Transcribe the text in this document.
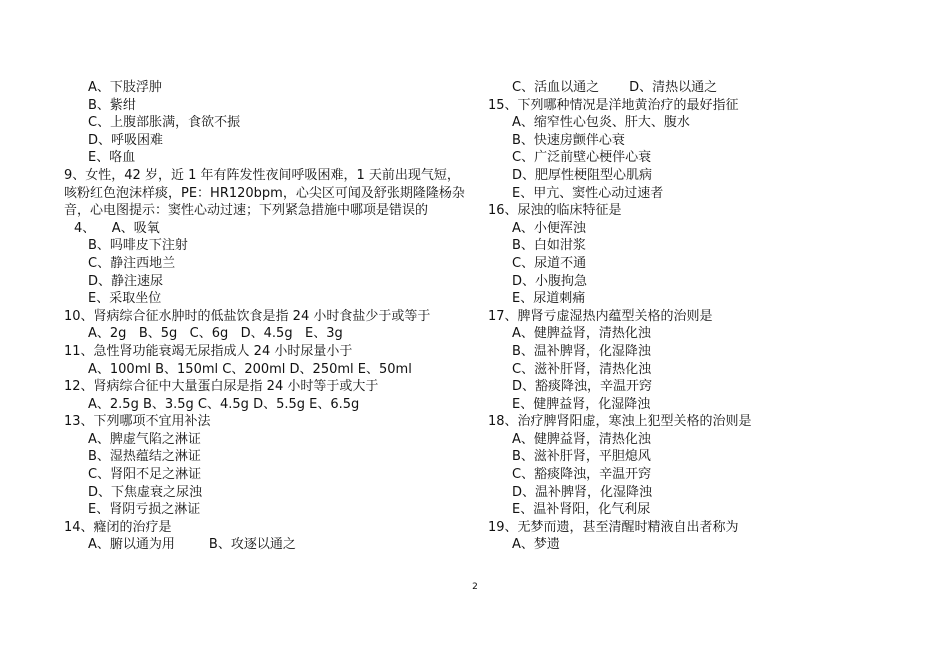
A、下肢浮肿
B、紫绀
C、上腹部胀满，食欲不振
D、呼吸困难
E、咯血
9、女性，42 岁，近 1 年有阵发性夜间呼吸困难，1 天前出现气短，
咳粉红色泡沫样痰，PE：HR120bpm，心尖区可闻及舒张期隆隆杨杂
音，心电图提示：窦性心动过速；下列紧急措施中哪项是错误的
4、    A、吸氧
B、吗啡皮下注射
C、静注西地兰
D、静注速尿
E、采取坐位
10、肾病综合征水肿时的低盐饮食是指 24 小时食盐少于或等于
A、2g   B、5g   C、6g   D、4.5g   E、3g
11、急性肾功能衰竭无尿指成人 24 小时尿量小于
A、100ml B、150ml C、200ml D、250ml E、50ml
12、肾病综合征中大量蛋白尿是指 24 小时等于或大于
A、2.5g B、3.5g C、4.5g D、5.5g E、6.5g
13、下列哪项不宜用补法
A、脾虚气陷之淋证
B、湿热蕴结之淋证
C、肾阳不足之淋证
D、下焦虚衰之尿浊
E、肾阴亏损之淋证
14、癃闭的治疗是
A、腑以通为用	B、攻逐以通之
C、活血以通之 D、清热以通之
15、下列哪种情况是洋地黄治疗的最好指征
A、缩窄性心包炎、肝大、腹水
B、快速房颤伴心衰
C、广泛前壁心梗伴心衰
D、肥厚性梗阻型心肌病
E、甲亢、窦性心动过速者
16、尿浊的临床特征是
A、小便浑浊
B、白如泔浆
C、尿道不通
D、小腹拘急
E、尿道刺痛
17、脾肾亏虚湿热内蕴型关格的治则是
A、健脾益肾，清热化浊
B、温补脾肾，化湿降浊
C、滋补肝肾，清热化浊
D、豁痰降浊，辛温开窍
E、健脾益肾，化湿降浊
18、治疗脾肾阳虚，寒浊上犯型关格的治则是
A、健脾益肾，清热化浊
B、滋补肝肾，平胆熄风
C、豁痰降浊，辛温开窍
D、温补脾肾，化湿降浊
E、温补肾阳，化气利尿
19、无梦而遗，甚至清醒时精液自出者称为
A、梦遗
2
